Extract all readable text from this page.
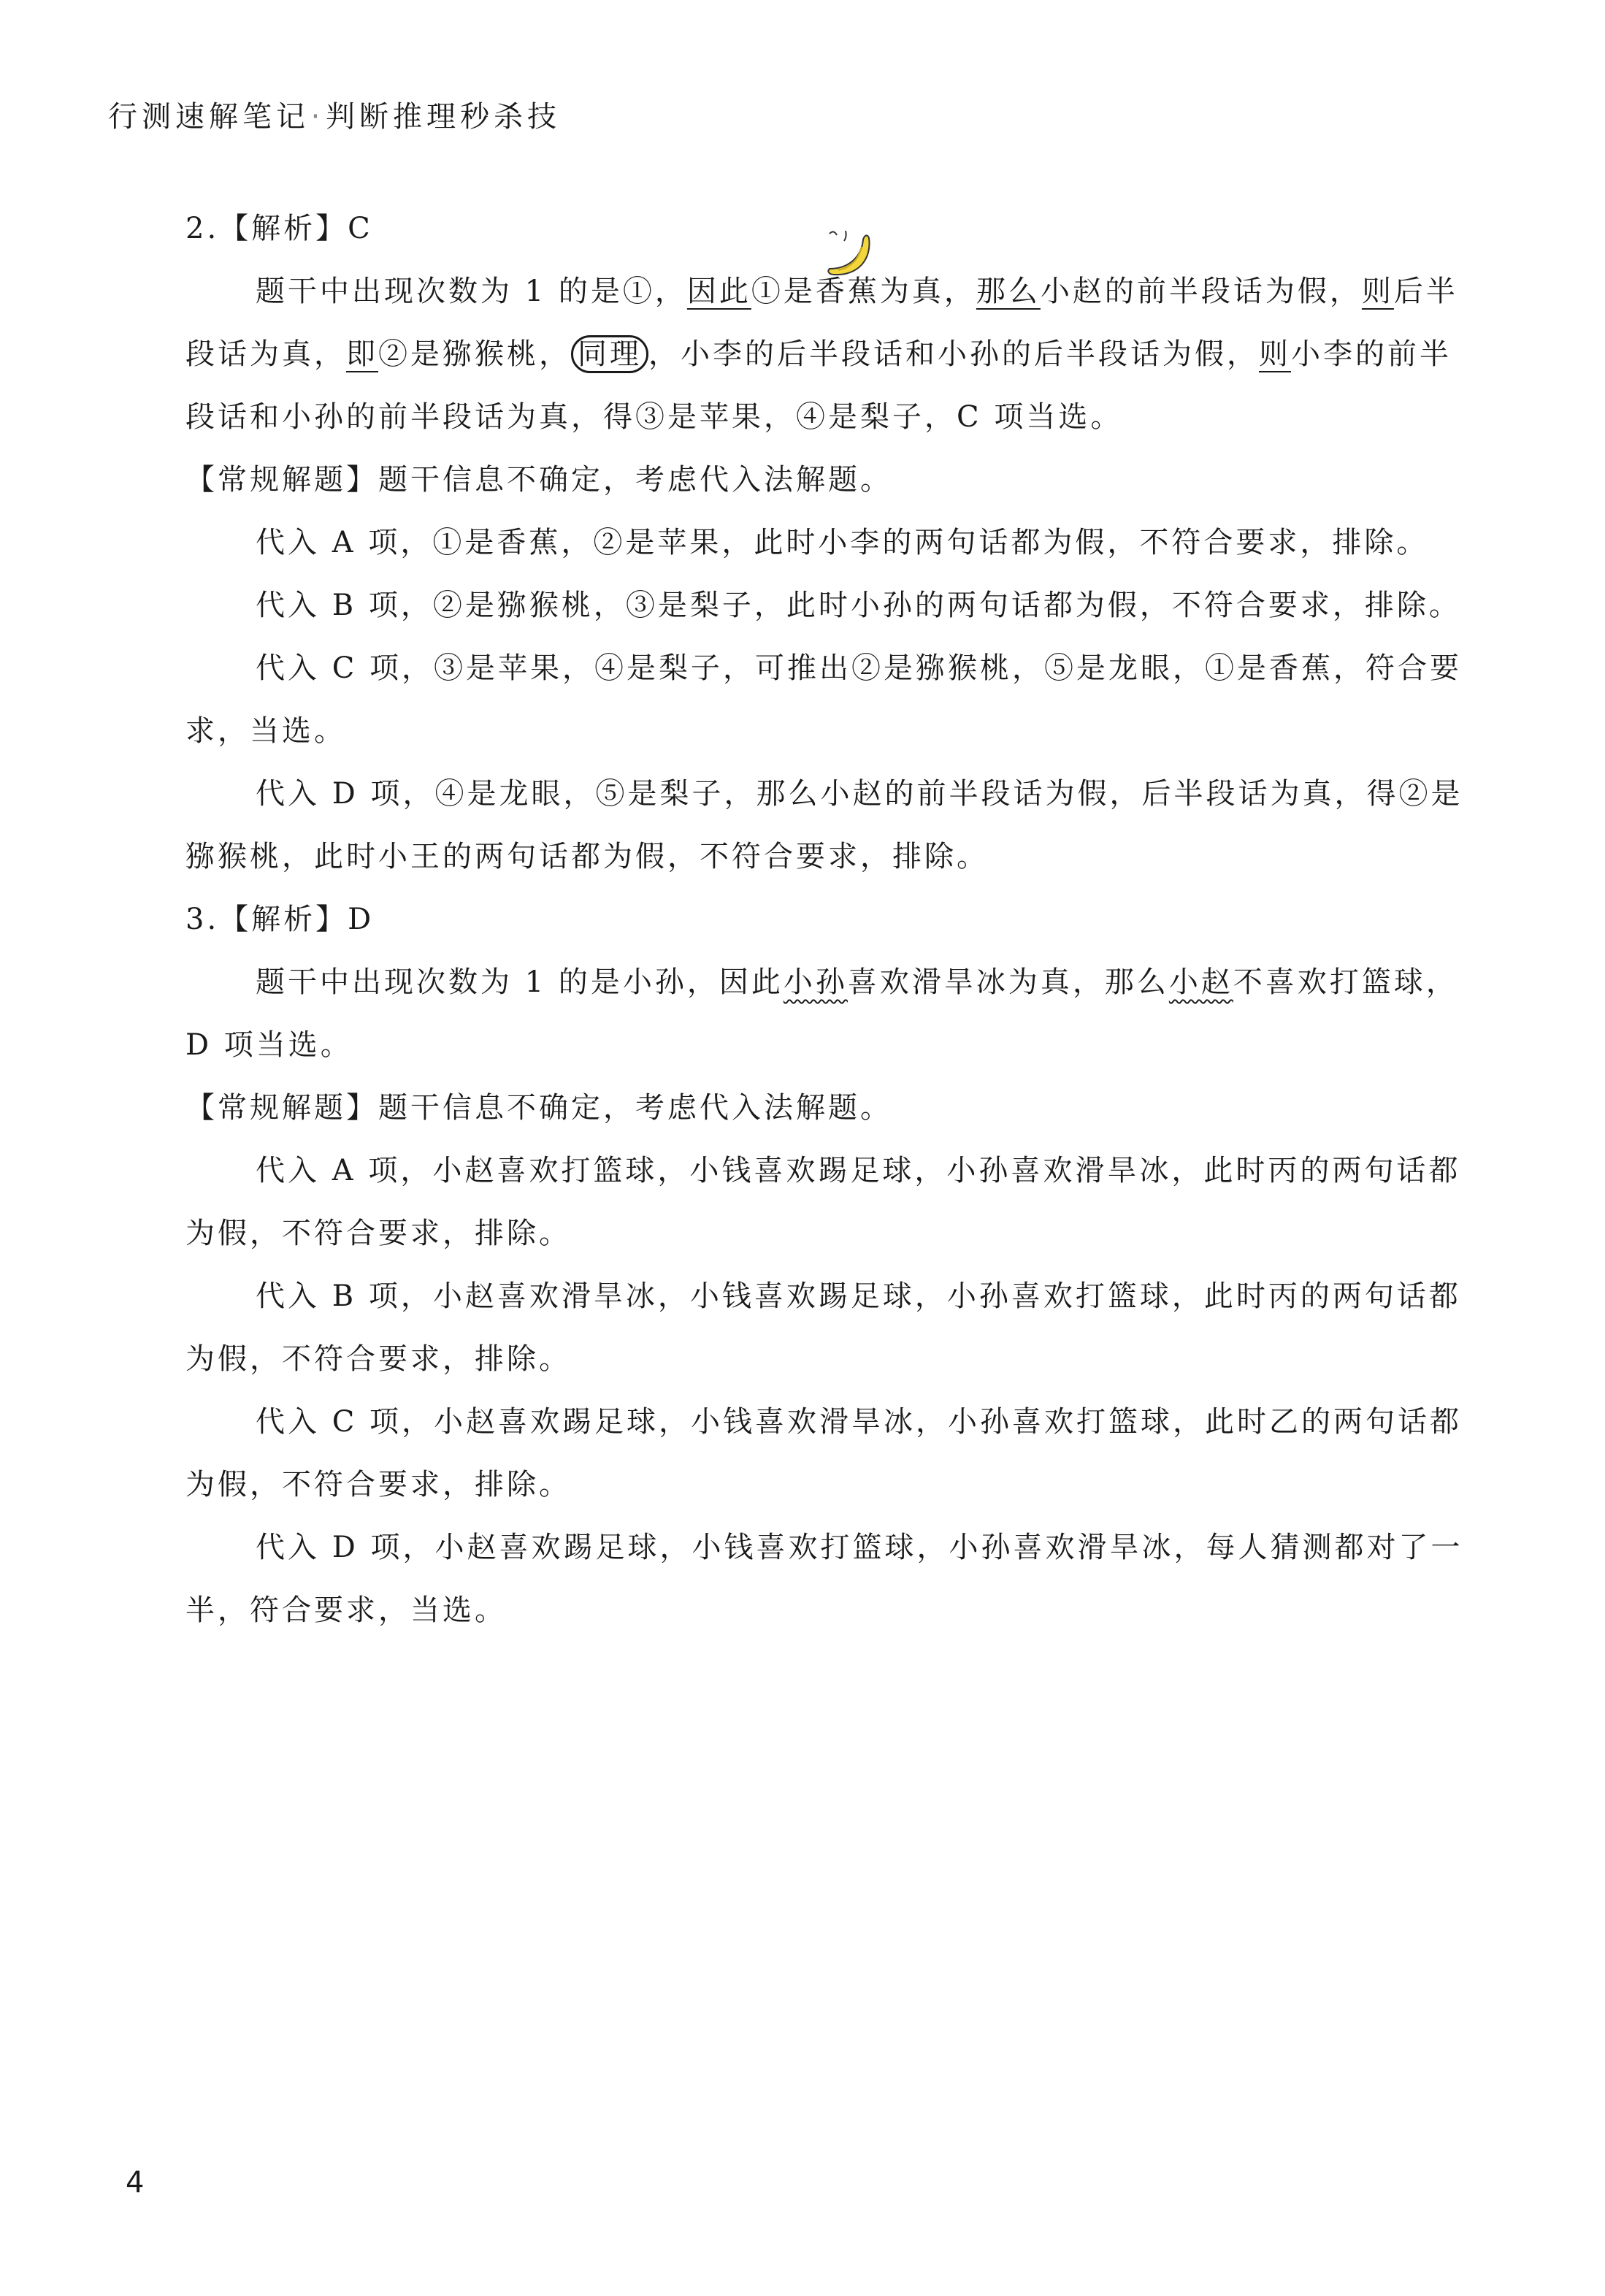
行测速解笔记·判断推理秒杀技

2.【解析】C

题干中出现次数为 1 的是①，因此①是香蕉为真，那么小赵的前半段话为假，则后半段话为真，即②是猕猴桃， 同理 ，小李的后半段话和小孙的后半段话为假，则小李的前半段话和小孙的前半段话为真，得③是苹果，④是梨子，C 项当选。

【常规解题】题干信息不确定，考虑代入法解题。

代入 A 项，①是香蕉，②是苹果，此时小李的两句话都为假，不符合要求，排除。

代入 B 项，②是猕猴桃，③是梨子，此时小孙的两句话都为假，不符合要求，排除。

代入 C 项，③是苹果，④是梨子，可推出②是猕猴桃，⑤是龙眼，①是香蕉，符合要求，当选。

代入 D 项，④是龙眼，⑤是梨子，那么小赵的前半段话为假，后半段话为真，得②是猕猴桃，此时小王的两句话都为假，不符合要求，排除。

3.【解析】D

题干中出现次数为 1 的是小孙，因此小孙喜欢滑旱冰为真，那么小赵不喜欢打篮球，D 项当选。

【常规解题】题干信息不确定，考虑代入法解题。

代入 A 项，小赵喜欢打篮球，小钱喜欢踢足球，小孙喜欢滑旱冰，此时丙的两句话都为假，不符合要求，排除。

代入 B 项，小赵喜欢滑旱冰，小钱喜欢踢足球，小孙喜欢打篮球，此时丙的两句话都为假，不符合要求，排除。

代入 C 项，小赵喜欢踢足球，小钱喜欢滑旱冰，小孙喜欢打篮球，此时乙的两句话都为假，不符合要求，排除。

代入 D 项，小赵喜欢踢足球，小钱喜欢打篮球，小孙喜欢滑旱冰，每人猜测都对了一半，符合要求，当选。

4
